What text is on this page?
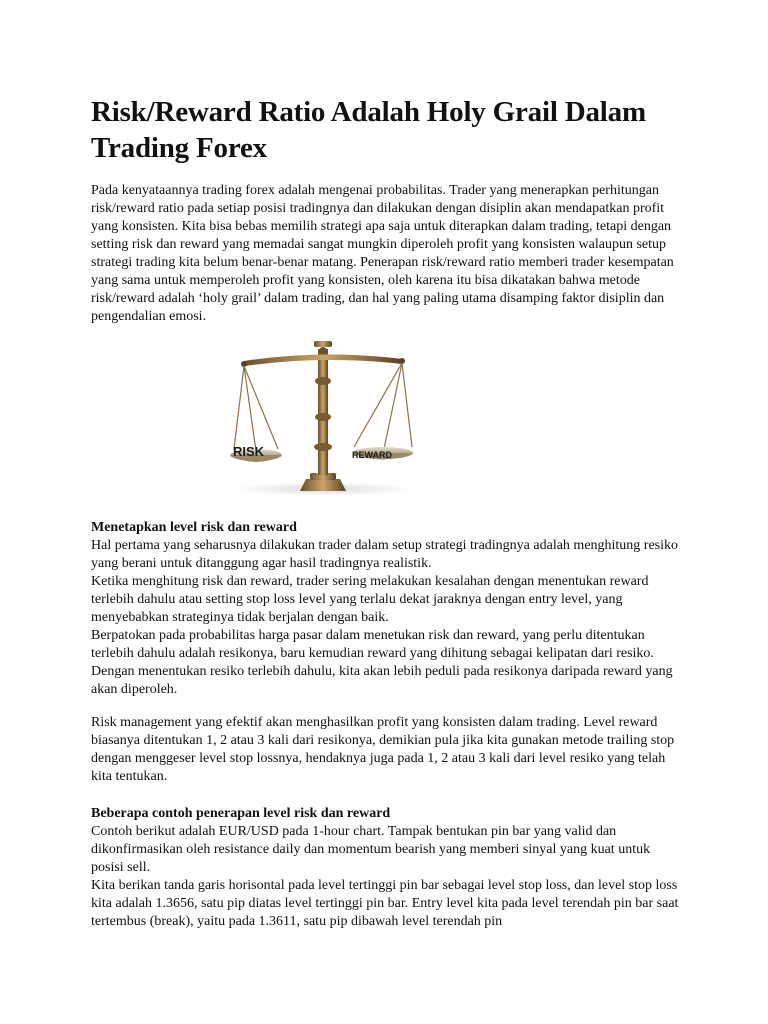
Risk/Reward Ratio Adalah Holy Grail Dalam Trading Forex

Pada kenyataannya trading forex adalah mengenai probabilitas. Trader yang menerapkan perhitungan risk/reward ratio pada setiap posisi tradingnya dan dilakukan dengan disiplin akan mendapatkan profit yang konsisten. Kita bisa bebas memilih strategi apa saja untuk diterapkan dalam trading, tetapi dengan setting risk dan reward yang memadai sangat mungkin diperoleh profit yang konsisten walaupun setup strategi trading kita belum benar-benar matang. Penerapan risk/reward ratio memberi trader kesempatan yang sama untuk memperoleh profit yang konsisten, oleh karena itu bisa dikatakan bahwa metode risk/reward adalah ‘holy grail’ dalam trading, dan hal yang paling utama disamping faktor disiplin dan pengendalian emosi.

RISK	REWARD

Menetapkan level risk dan reward

Hal pertama yang seharusnya dilakukan trader dalam setup strategi tradingnya adalah menghitung resiko yang berani untuk ditanggung agar hasil tradingnya realistik.

Ketika menghitung risk dan reward, trader sering melakukan kesalahan dengan menentukan reward terlebih dahulu atau setting stop loss level yang terlalu dekat jaraknya dengan entry level, yang menyebabkan strateginya tidak berjalan dengan baik.

Berpatokan pada probabilitas harga pasar dalam menetukan risk dan reward, yang perlu ditentukan terlebih dahulu adalah resikonya, baru kemudian reward yang dihitung sebagai kelipatan dari resiko. Dengan menentukan resiko terlebih dahulu, kita akan lebih peduli pada resikonya daripada reward yang akan diperoleh.

Risk management yang efektif akan menghasilkan profit yang konsisten dalam trading. Level reward biasanya ditentukan 1, 2 atau 3 kali dari resikonya, demikian pula jika kita gunakan metode trailing stop dengan menggeser level stop lossnya, hendaknya juga pada 1, 2 atau 3 kali dari level resiko yang telah kita tentukan.

Beberapa contoh penerapan level risk dan reward

Contoh berikut adalah EUR/USD pada 1-hour chart. Tampak bentukan pin bar yang valid dan dikonfirmasikan oleh resistance daily dan momentum bearish yang memberi sinyal yang kuat untuk posisi sell.

Kita berikan tanda garis horisontal pada level tertinggi pin bar sebagai level stop loss, dan level stop loss kita adalah 1.3656, satu pip diatas level tertinggi pin bar. Entry level kita pada level terendah pin bar saat tertembus (break), yaitu pada 1.3611, satu pip dibawah level terendah pin
